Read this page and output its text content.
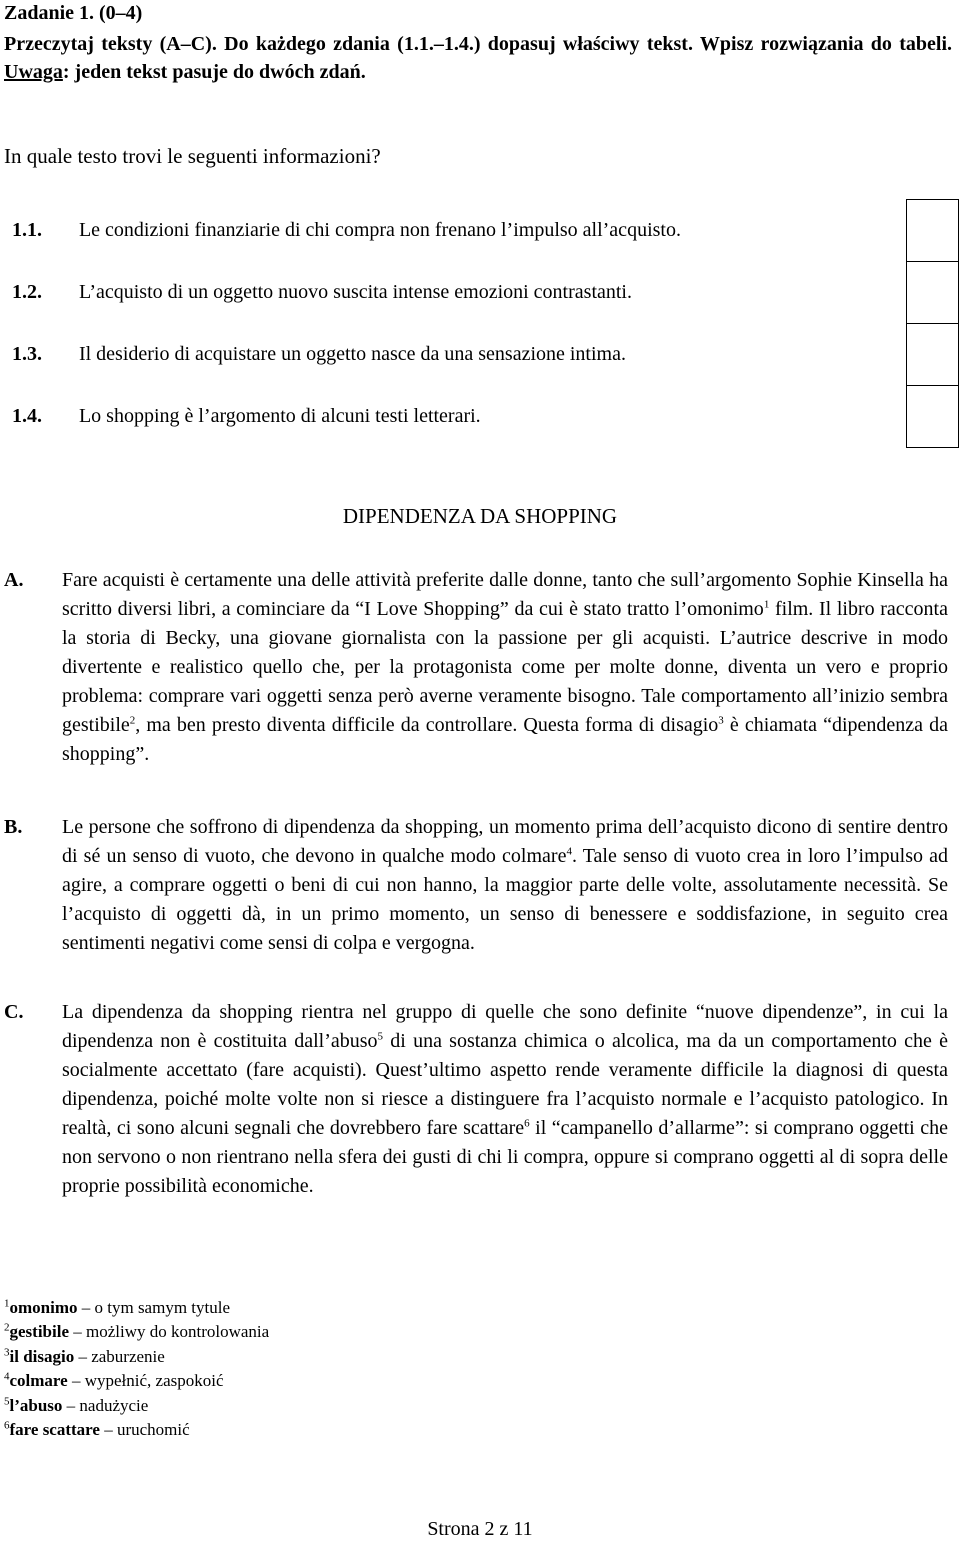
Zadanie 1. (0–4)
Przeczytaj teksty (A–C). Do każdego zdania (1.1.–1.4.) dopasuj właściwy tekst. Wpisz rozwiązania do tabeli. Uwaga: jeden tekst pasuje do dwóch zdań.
In quale testo trovi le seguenti informazioni?
1.1.	Le condizioni finanziarie di chi compra non frenano l’impulso all’acquisto.	
1.2.	L’acquisto di un oggetto nuovo suscita intense emozioni contrastanti.	
1.3.	Il desiderio di acquistare un oggetto nasce da una sensazione intima.	
1.4.	Lo shopping è l’argomento di alcuni testi letterari.	
DIPENDENZA DA SHOPPING
A. Fare acquisti è certamente una delle attività preferite dalle donne, tanto che sull’argomento Sophie Kinsella ha scritto diversi libri, a cominciare da “I Love Shopping” da cui è stato tratto l’omonimo$^1$ film. Il libro racconta la storia di Becky, una giovane giornalista con la passione per gli acquisti. L’autrice descrive in modo divertente e realistico quello che, per la protagonista come per molte donne, diventa un vero e proprio problema: comprare vari oggetti senza però averne veramente bisogno. Tale comportamento all’inizio sembra gestibile$^2$, ma ben presto diventa difficile da controllare. Questa forma di disagio$^3$ è chiamata “dipendenza da shopping”.
B. Le persone che soffrono di dipendenza da shopping, un momento prima dell’acquisto dicono di sentire dentro di sé un senso di vuoto, che devono in qualche modo colmare$^4$. Tale senso di vuoto crea in loro l’impulso ad agire, a comprare oggetti o beni di cui non hanno, la maggior parte delle volte, assolutamente necessità. Se l’acquisto di oggetti dà, in un primo momento, un senso di benessere e soddisfazione, in seguito crea sentimenti negativi come sensi di colpa e vergogna.
C. La dipendenza da shopping rientra nel gruppo di quelle che sono definite “nuove dipendenze”, in cui la dipendenza non è costituita dall’abuso$^5$ di una sostanza chimica o alcolica, ma da un comportamento che è socialmente accettato (fare acquisti). Quest’ultimo aspetto rende veramente difficile la diagnosi di questa dipendenza, poiché molte volte non si riesce a distinguere fra l’acquisto normale e l’acquisto patologico. In realtà, ci sono alcuni segnali che dovrebbero fare scattare$^6$ il “campanello d’allarme”: si comprano oggetti che non servono o non rientrano nella sfera dei gusti di chi li compra, oppure si comprano oggetti al di sopra delle proprie possibilità economiche.
$^1$omonimo – o tym samym tytule
$^2$gestibile – możliwy do kontrolowania
$^3$il disagio – zaburzenie
$^4$colmare – wypełnić, zaspokoić
$^5$l’abuso – nadużycie
$^6$fare scattare – uruchomić
Strona 2 z 11
